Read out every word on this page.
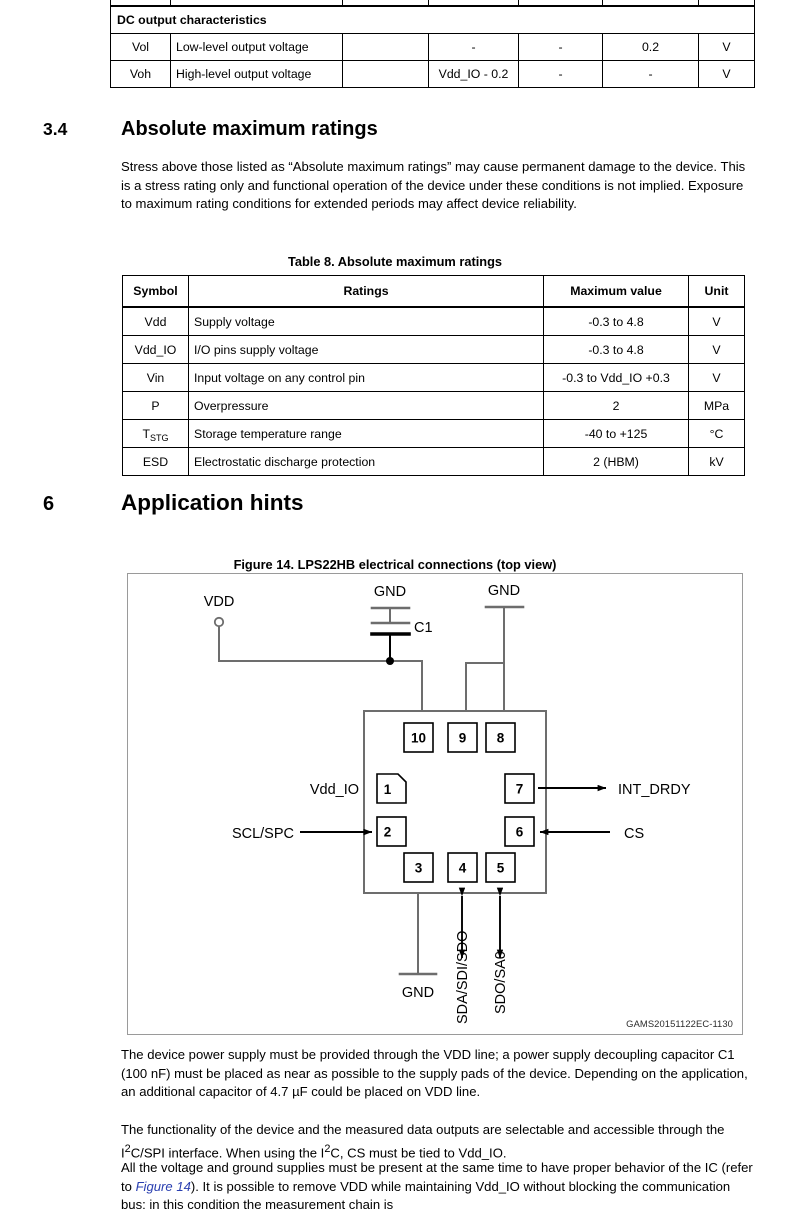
DC output characteristics						
Vol	Low-level output voltage		-	-	0.2	V
Voh	High-level output voltage		Vdd_IO - 0.2	-	-	V
3.4	Absolute maximum ratings
Stress above those listed as “Absolute maximum ratings” may cause permanent damage to the device. This is a stress rating only and functional operation of the device under these conditions is not implied. Exposure to maximum rating conditions for extended periods may affect device reliability.
Table 8. Absolute maximum ratings
Symbol	Ratings	Maximum value	Unit
Vdd	Supply voltage	-0.3 to 4.8	V
Vdd_IO	I/O pins supply voltage	-0.3 to 4.8	V
Vin	Input voltage on any control pin	-0.3 to Vdd_IO +0.3	V
P	Overpressure	2	MPa
$T_{STG}$	Storage temperature range	-40 to +125	°C
ESD	Electrostatic discharge protection	2 (HBM)	kV
6	Application hints
Figure 14. LPS22HB electrical connections (top view)
VDD
GND	GND
C1
Vdd_IO
SCL/SPC
INT_DRDY
CS
GND SDA/SDI/SDO SDO/SA0
10 9 8
1
2
7
6
3	4 5
GAMS20151122EC-1130
The device power supply must be provided through the VDD line; a power supply decoupling capacitor C1 (100 nF) must be placed as near as possible to the supply pads of the device. Depending on the application, an additional capacitor of 4.7 µF could be placed on VDD line.
The functionality of the device and the measured data outputs are selectable and accessible through the $I^2C$/SPI interface. When using the $I^2C$, CS must be tied to Vdd_IO.
All the voltage and ground supplies must be present at the same time to have proper behavior of the IC (refer to Figure 14). It is possible to remove VDD while maintaining Vdd_IO without blocking the communication bus: in this condition the measurement chain is
